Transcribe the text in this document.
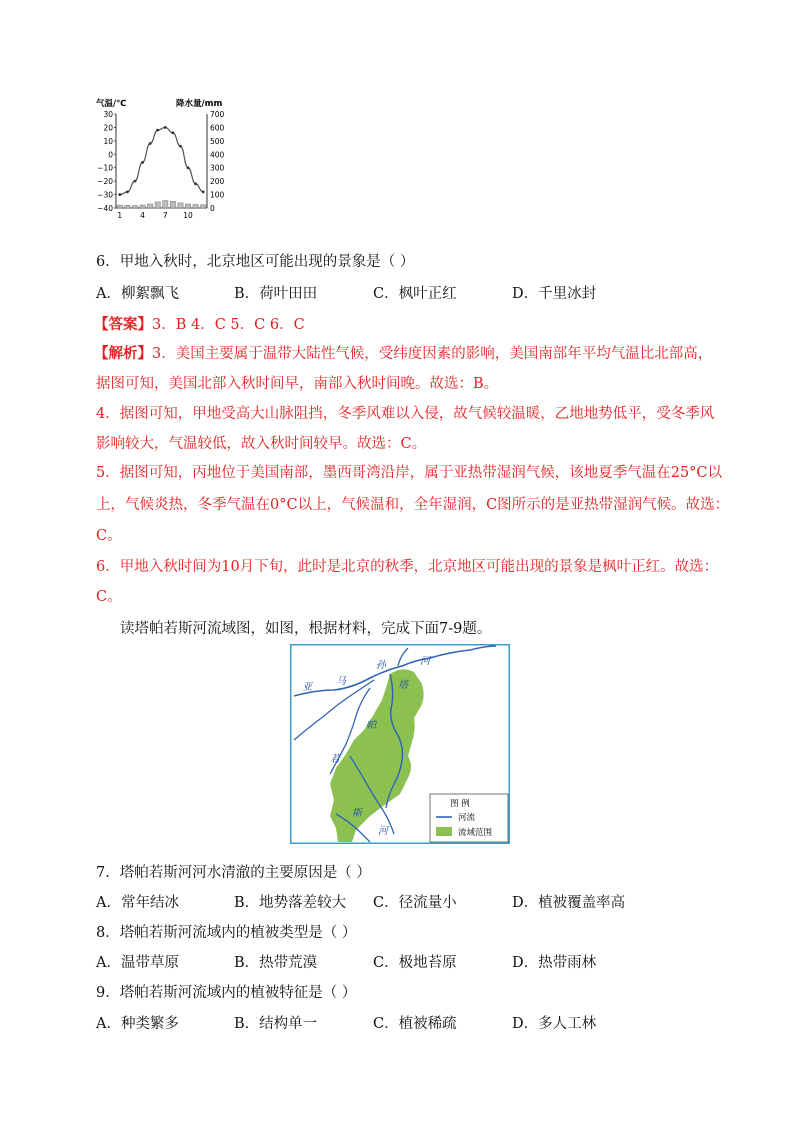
气温/℃	降水量/mm
30
20
10
0
−10
−20
−30
−40
700
600
500
400
300
200
100
0
1 4 7 10
6．甲地入秋时，北京地区可能出现的景象是（ ）
A．柳絮飘飞	B．荷叶田田	C．枫叶正红	D．千里冰封
【答案】3．B 4．C 5．C 6．C
【解析】3．美国主要属于温带大陆性气候，受纬度因素的影响，美国南部年平均气温比北部高，
据图可知，美国北部入秋时间早，南部入秋时间晚。故选：B。
4．据图可知，甲地受高大山脉阻挡，冬季风难以入侵，故气候较温暖，乙地地势低平，受冬季风
影响较大，气温较低，故入秋时间较早。故选：C。
5．据图可知，丙地位于美国南部，墨西哥湾沿岸，属于亚热带湿润气候，该地夏季气温在25°C以
上，气候炎热，冬季气温在0°C以上，气候温和，全年湿润，C图所示的是亚热带湿润气候。故选：
C。
6．甲地入秋时间为10月下旬，此时是北京的秋季，北京地区可能出现的景象是枫叶正红。故选：
C。
读塔帕若斯河流域图，如图，根据材料，完成下面7-9题。
亚
马
孙	河
塔
帕
若
斯
河
图 例
河流
流域范围
7．塔帕若斯河河水清澈的主要原因是（ ）
A．常年结冰	B．地势落差较大 C．径流量小	D．植被覆盖率高
8．塔帕若斯河流域内的植被类型是（ ）
A．温带草原	B．热带荒漠	C．极地苔原	D．热带雨林
9．塔帕若斯河流域内的植被特征是（ ）
A．种类繁多	B．结构单一	C．植被稀疏	D．多人工林
